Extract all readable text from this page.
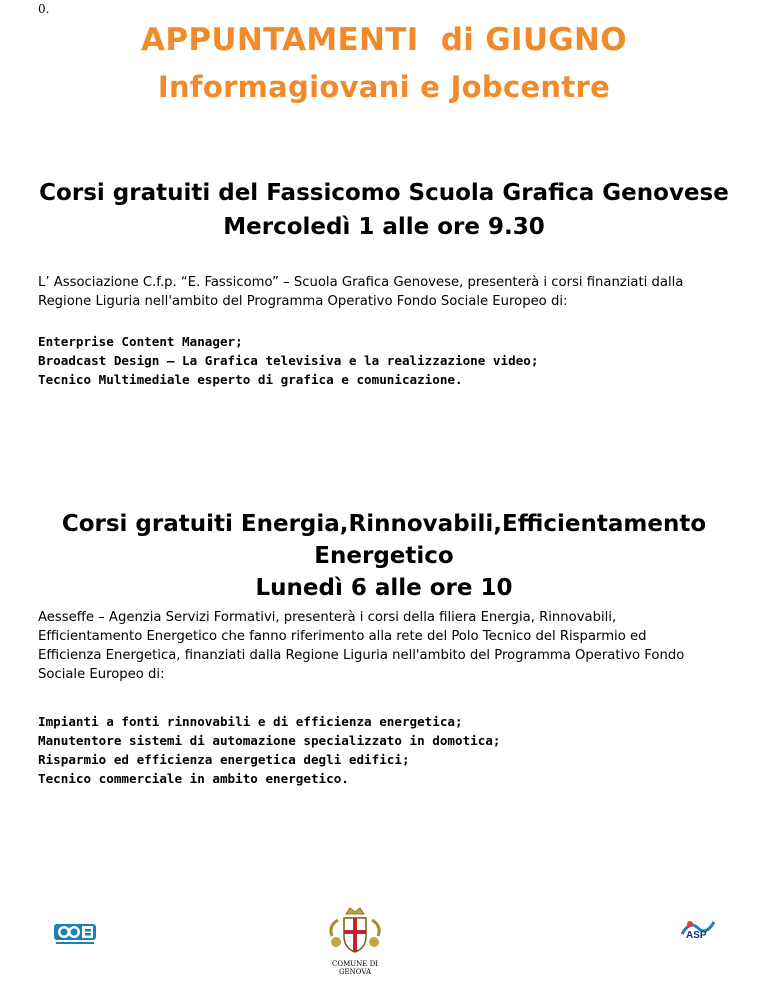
0.
APPUNTAMENTI  di GIUGNO
Informagiovani e Jobcentre
Corsi gratuiti del Fassicomo Scuola Grafica Genovese
Mercoledì 1 alle ore 9.30
L’ Associazione C.f.p. “E. Fassicomo” – Scuola Grafica Genovese, presenterà i corsi finanziati dalla
Regione Liguria nell'ambito del Programma Operativo Fondo Sociale Europeo di:
Enterprise Content Manager;
Broadcast Design – La Grafica televisiva e la realizzazione video;
Tecnico Multimediale esperto di grafica e comunicazione.
Corsi gratuiti Energia,Rinnovabili,Efficientamento
Energetico
Lunedì 6 alle ore 10
Aesseffe – Agenzia Servizi Formativi, presenterà i corsi della filiera Energia, Rinnovabili,
Efficientamento Energetico che fanno riferimento alla rete del Polo Tecnico del Risparmio ed
Efficienza Energetica, finanziati dalla Regione Liguria nell'ambito del Programma Operativo Fondo
Sociale Europeo di:
Impianti a fonti rinnovabili e di efficienza energetica;
Manutentore sistemi di automazione specializzato in domotica;
Risparmio ed efficienza energetica degli edifici;
Tecnico commerciale in ambito energetico.
COMUNE DI
GENOVA
ASP
